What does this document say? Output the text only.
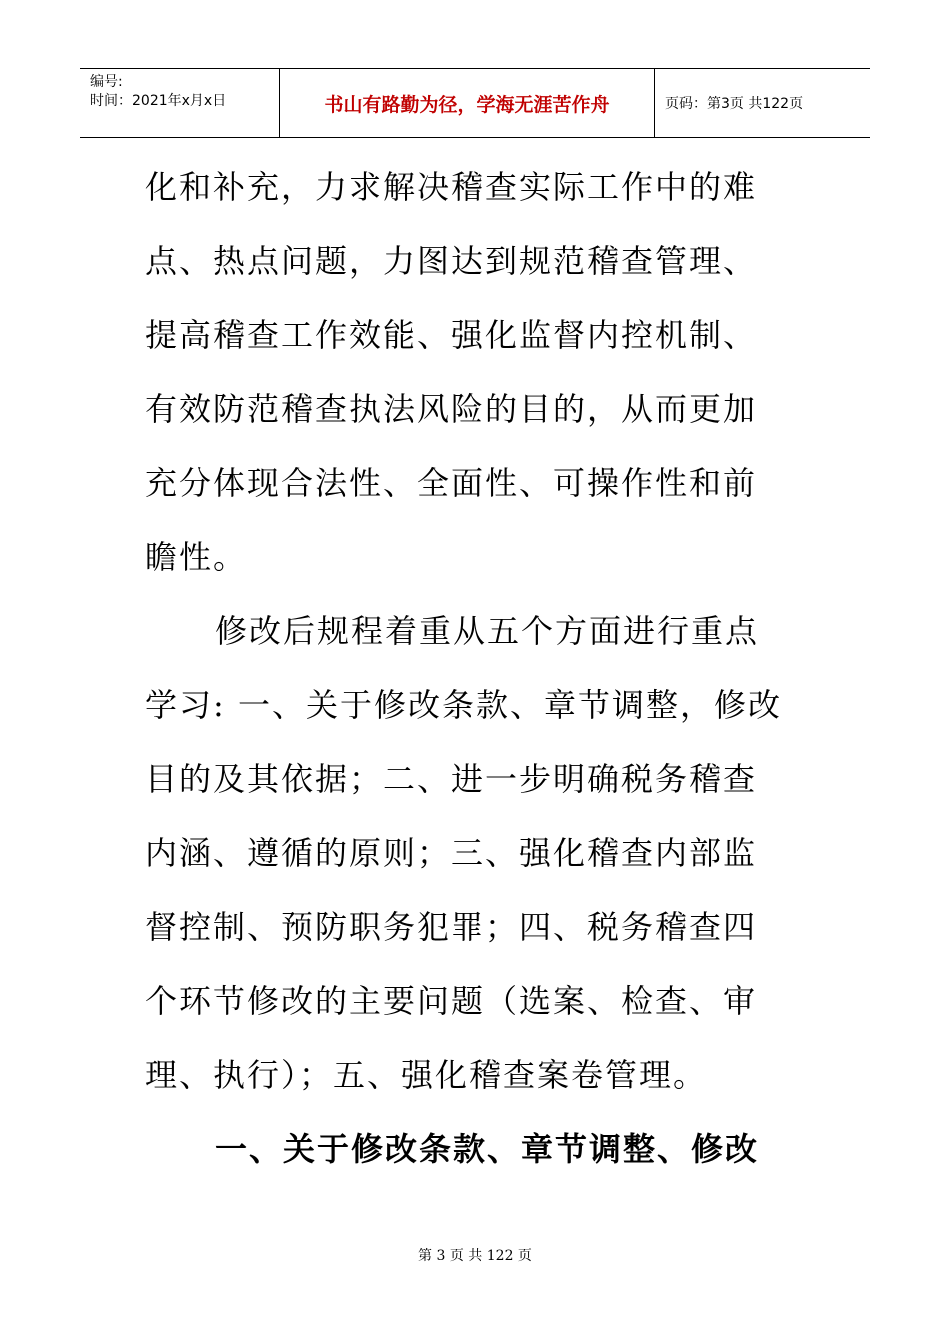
编号:
时间：2021年x月x日	书山有路勤为径，学海无涯苦作舟	页码：第3页 共122页

化和补充，力求解决稽查实际工作中的难
点、热点问题，力图达到规范稽查管理、
提高稽查工作效能、强化监督内控机制、
有效防范稽查执法风险的目的，从而更加
充分体现合法性、全面性、可操作性和前
瞻性。

修改后规程着重从五个方面进行重点
学习: 一、关于修改条款、章节调整，修改
目的及其依据；二、进一步明确税务稽查
内涵、遵循的原则；三、强化稽查内部监
督控制、预防职务犯罪；四、税务稽查四
个环节修改的主要问题（选案、检查、审
理、执行）；五、强化稽查案卷管理。

一、关于修改条款、章节调整、修改

第 3 页 共 122 页
